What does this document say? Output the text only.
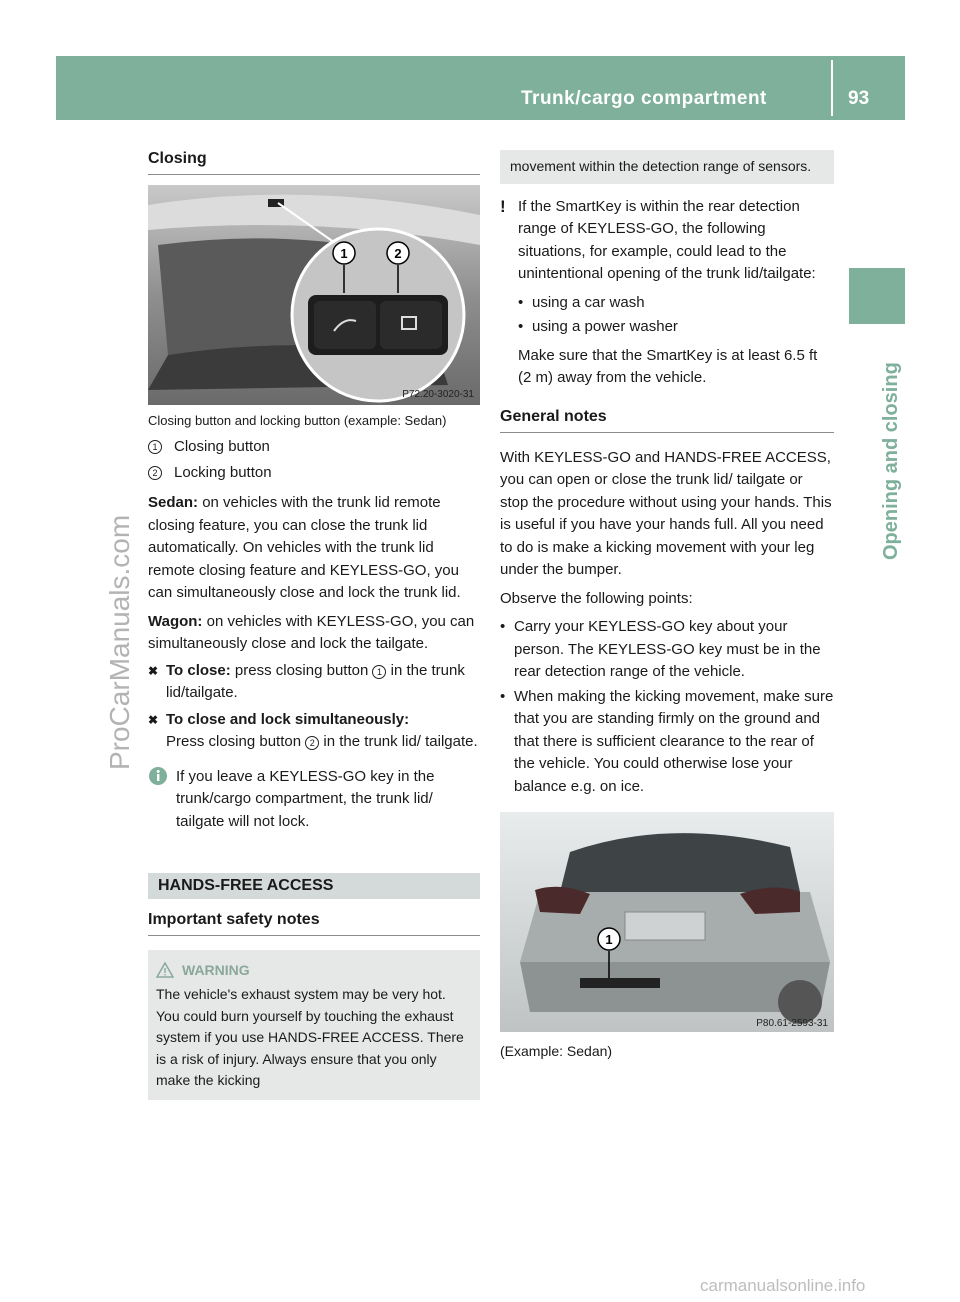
Trunk/cargo compartment	93
Opening and closing
ProCarManuals.com
carmanualsonline.info
Closing
1	2
P72.20-3020-31
Closing button and locking button (example: Sedan)
1	Closing button
2	Locking button

Sedan: on vehicles with the trunk lid remote closing feature, you can close the trunk lid automatically. On vehicles with the trunk lid remote closing feature and KEYLESS-GO, you can simultaneously close and lock the trunk lid.

Wagon: on vehicles with KEYLESS-GO, you can simultaneously close and lock the tailgate.

✖ To close: press closing button 1 in the trunk lid/tailgate.
✖ To close and lock simultaneously:
Press closing button 2 in the trunk lid/ tailgate.
If you leave a KEYLESS-GO key in the trunk/cargo compartment, the trunk lid/ tailgate will not lock.
HANDS-FREE ACCESS
Important safety notes
WARNING
The vehicle's exhaust system may be very hot. You could burn yourself by touching the exhaust system if you use HANDS-FREE ACCESS. There is a risk of injury. Always ensure that you only make the kicking
movement within the detection range of sensors.
! If the SmartKey is within the rear detection range of KEYLESS-GO, the following situations, for example, could lead to the unintentional opening of the trunk lid/tailgate:

• using a car wash
• using a power washer

Make sure that the SmartKey is at least 6.5 ft (2 m) away from the vehicle.

General notes

With KEYLESS-GO and HANDS-FREE ACCESS, you can open or close the trunk lid/ tailgate or stop the procedure without using your hands. This is useful if you have your hands full. All you need to do is make a kicking movement with your leg under the bumper.

Observe the following points:

• Carry your KEYLESS-GO key about your person. The KEYLESS-GO key must be in the rear detection range of the vehicle.
• When making the kicking movement, make sure that you are standing firmly on the ground and that there is sufficient clearance to the rear of the vehicle. You could otherwise lose your balance e.g. on ice.
1
P80.61-2593-31
(Example: Sedan)
